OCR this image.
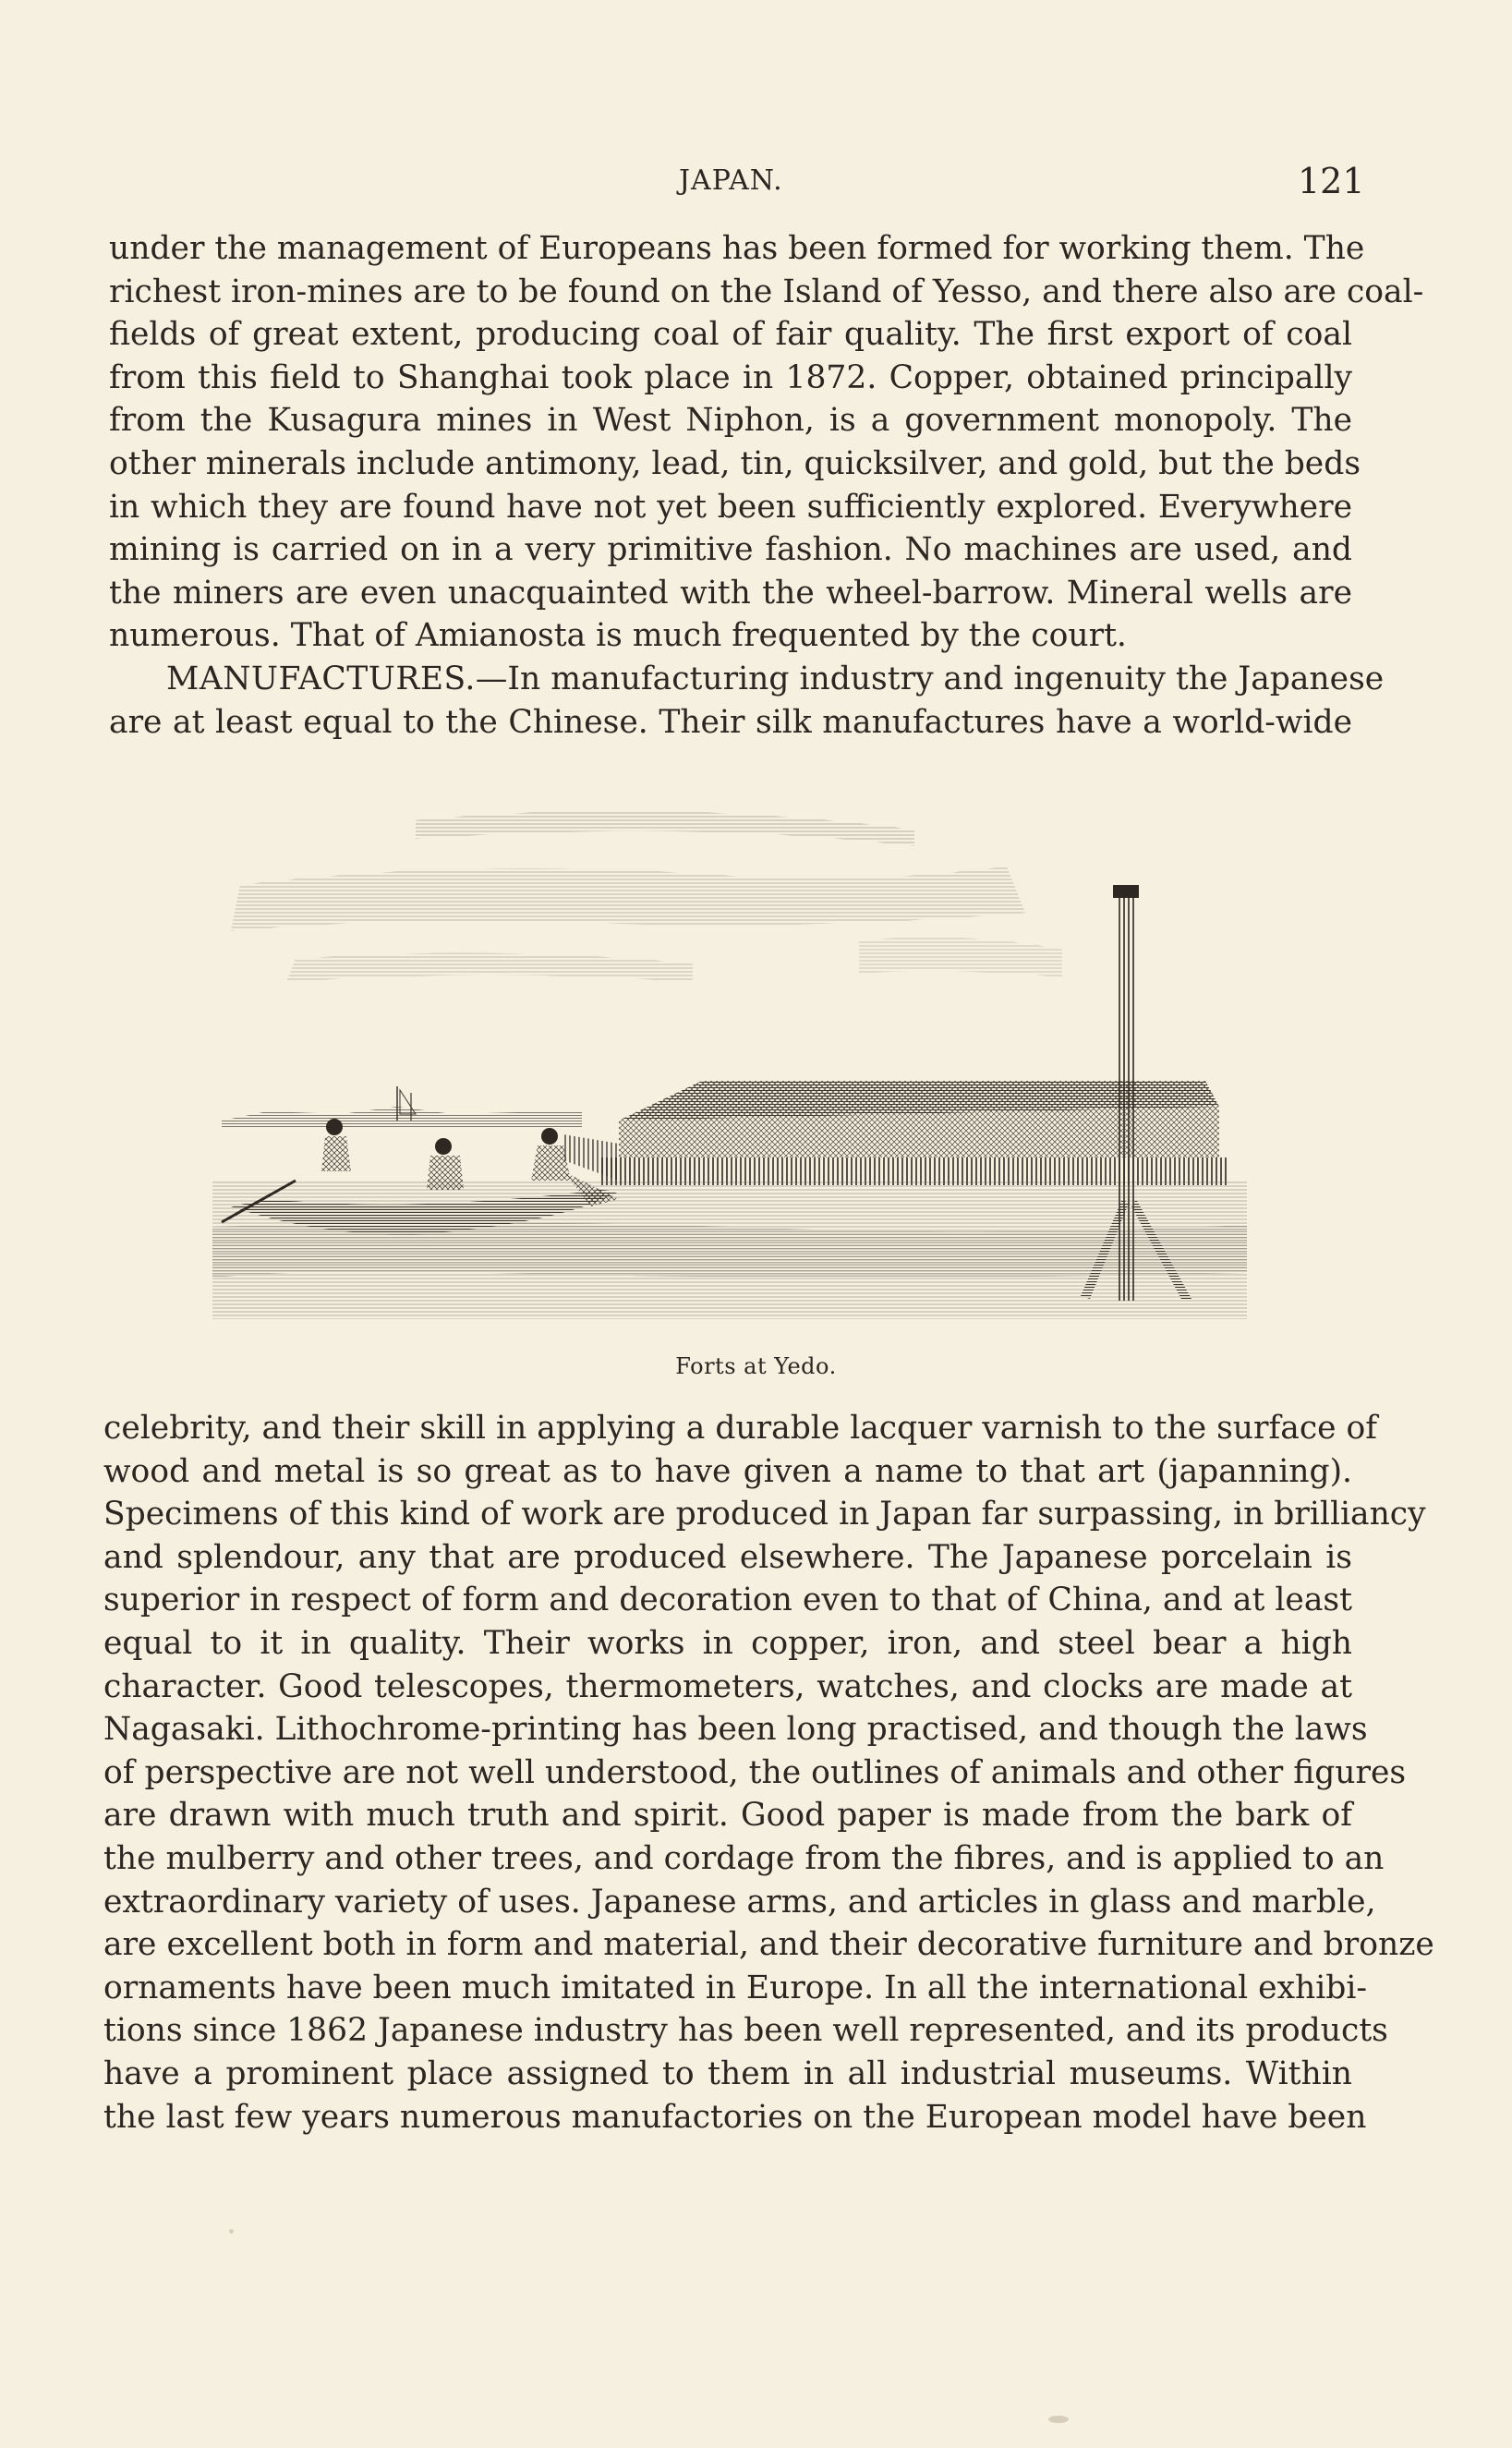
JAPAN.	121
under the management of Europeans has been formed for working them. The
richest iron-mines are to be found on the Island of Yesso, and there also are coal-
fields of great extent, producing coal of fair quality. The first export of coal
from this field to Shanghai took place in 1872. Copper, obtained principally
from the Kusagura mines in West Niphon, is a government monopoly. The
other minerals include antimony, lead, tin, quicksilver, and gold, but the beds
in which they are found have not yet been sufficiently explored. Everywhere
mining is carried on in a very primitive fashion. No machines are used, and
the miners are even unacquainted with the wheel-barrow. Mineral wells are
numerous. That of Amianosta is much frequented by the court.
MANUFACTURES.—In manufacturing industry and ingenuity the Japanese
are at least equal to the Chinese. Their silk manufactures have a world-wide
Forts at Yedo.
celebrity, and their skill in applying a durable lacquer varnish to the surface of
wood and metal is so great as to have given a name to that art (japanning).
Specimens of this kind of work are produced in Japan far surpassing, in brilliancy
and splendour, any that are produced elsewhere. The Japanese porcelain is
superior in respect of form and decoration even to that of China, and at least
equal to it in quality. Their works in copper, iron, and steel bear a high
character. Good telescopes, thermometers, watches, and clocks are made at
Nagasaki. Lithochrome-printing has been long practised, and though the laws
of perspective are not well understood, the outlines of animals and other figures
are drawn with much truth and spirit. Good paper is made from the bark of
the mulberry and other trees, and cordage from the fibres, and is applied to an
extraordinary variety of uses. Japanese arms, and articles in glass and marble,
are excellent both in form and material, and their decorative furniture and bronze
ornaments have been much imitated in Europe. In all the international exhibi-
tions since 1862 Japanese industry has been well represented, and its products
have a prominent place assigned to them in all industrial museums. Within
the last few years numerous manufactories on the European model have been
